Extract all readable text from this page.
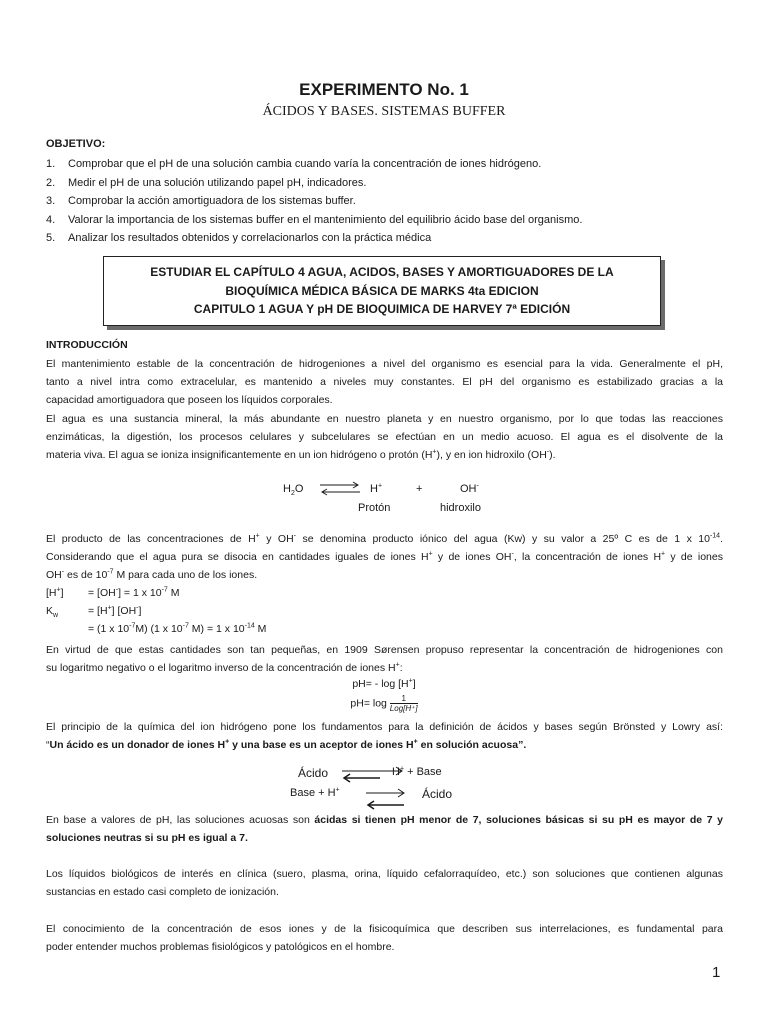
EXPERIMENTO No. 1
ÁCIDOS Y BASES. SISTEMAS BUFFER
OBJETIVO:
1.	Comprobar que el pH de una solución cambia cuando varía la concentración de iones hidrógeno.
2.	Medir el pH de una solución utilizando papel pH, indicadores.
3.	Comprobar la acción amortiguadora de los sistemas buffer.
4.	Valorar la importancia de los sistemas buffer en el mantenimiento del equilibrio ácido base del organismo.
5.	Analizar los resultados obtenidos y correlacionarlos con la práctica médica
ESTUDIAR EL CAPÍTULO 4 AGUA, ACIDOS, BASES Y AMORTIGUADORES DE LA
BIOQUÍMICA MÉDICA BÁSICA DE MARKS 4ta EDICION
CAPITULO 1 AGUA Y pH DE BIOQUIMICA DE HARVEY 7ª EDICIÓN
INTRODUCCIÓN
El mantenimiento estable de la concentración de hidrogeniones a nivel del organismo es esencial para la vida. Generalmente el pH,
tanto a nivel intra como extracelular, es mantenido a niveles muy constantes. El pH del organismo es estabilizado gracias a la
capacidad amortiguadora que poseen los líquidos corporales.
El agua es una sustancia mineral, la más abundante en nuestro planeta y en nuestro organismo, por lo que todas las reacciones
enzimáticas, la digestión, los procesos celulares y subcelulares se efectúan en un medio acuoso. El agua es el disolvente de la
materia viva. El agua se ioniza insignificantemente en un ion hidrógeno o protón (H+), y en ion hidroxilo (OH-).
$H_2O$ ⇌ H+	+	OH-
Protón	hidroxilo
El producto de las concentraciones de H+ y OH- se denomina producto iónico del agua (Kw) y su valor a 25º C es de 1 x $10^{-14}$.
Considerando que el agua pura se disocia en cantidades iguales de iones H+ y de iones OH-, la concentración de iones H+ y de iones
OH- es de $10^{-7}$ M para cada uno de los iones.
[H+] = [OH-] = 1 x $10^{-7}$ M
$K_w$	= [H+] [OH-]
= (1 x $10^{-7}M$) (1 x $10^{-7}$ M) = 1 x $10^{-14}$ M
En virtud de que estas cantidades son tan pequeñas, en 1909 Sørensen propuso representar la concentración de hidrogeniones con
su logaritmo negativo o el logaritmo inverso de la concentración de iones H+:
pH= - log [H+]
$pH= \log \frac{1}{\text{Log[H⁺]}}$
El principio de la química del ion hidrógeno pone los fundamentos para la definición de ácidos y bases según Brönsted y Lowry así:
“Un ácido es un donador de iones H+ y una base es un aceptor de iones H+ en solución acuosa”.
Ácido	H+ + Base
Base + H+ ⇌ Ácido
En base a valores de pH, las soluciones acuosas son ácidas si tienen pH menor de 7, soluciones básicas si su pH es mayor de 7 y
soluciones neutras si su pH es igual a 7.
Los líquidos biológicos de interés en clínica (suero, plasma, orina, líquido cefalorraquídeo, etc.) son soluciones que contienen algunas
sustancias en estado casi completo de ionización.
El conocimiento de la concentración de esos iones y de la fisicoquímica que describen sus interrelaciones, es fundamental para
poder entender muchos problemas fisiológicos y patológicos en el hombre.
1
